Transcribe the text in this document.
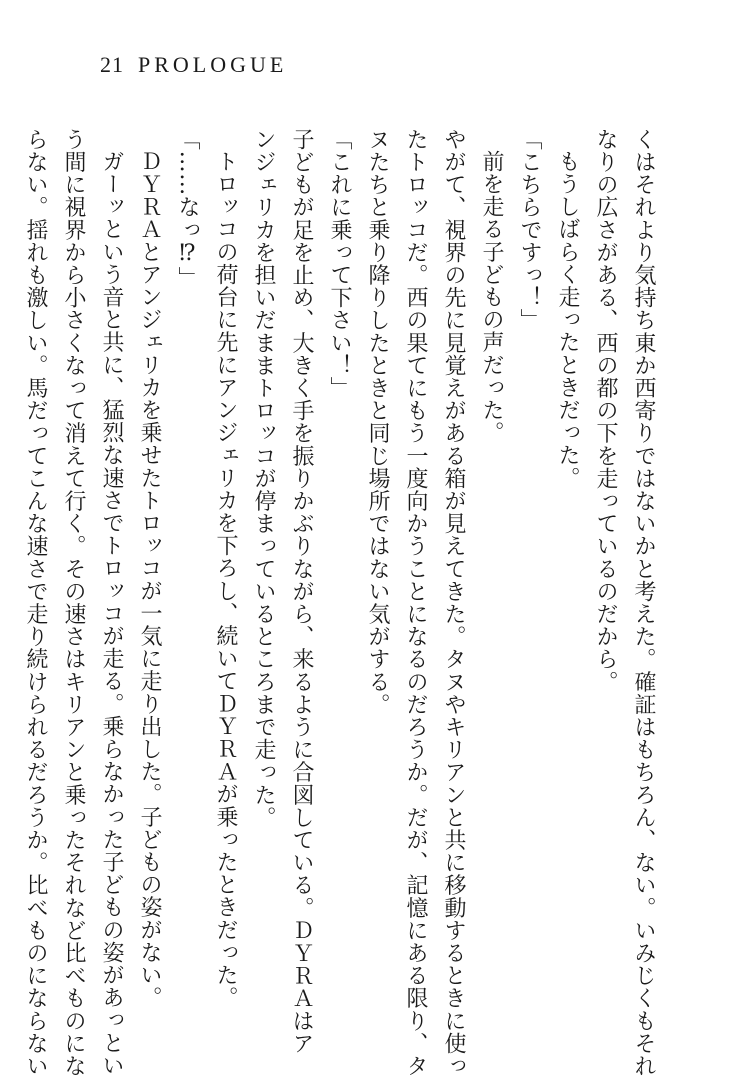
21 PROLOGUE
くはそれより気持ち東か西寄りではないかと考えた。確証はもちろん、ない。いみじくもそれ
なりの広さがある、西の都の下を走っているのだから。
もうしばらく走ったときだった。
「こちらですっ！」
前を走る子どもの声だった。
やがて、視界の先に見覚えがある箱が見えてきた。タヌやキリアンと共に移動するときに使っ
たトロッコだ。西の果てにもう一度向かうことになるのだろうか。だが、記憶にある限り、タ
ヌたちと乗り降りしたときと同じ場所ではない気がする。
「これに乗って下さい！」
子どもが足を止め、大きく手を振りかぶりながら、来るように合図している。ＤＹＲＡはア
ンジェリカを担いだままトロッコが停まっているところまで走った。
トロッコの荷台に先にアンジェリカを下ろし、続いてＤＹＲＡが乗ったときだった。
「……なっ⁉」
ＤＹＲＡとアンジェリカを乗せたトロッコが一気に走り出した。子どもの姿がない。
ガーッという音と共に、猛烈な速さでトロッコが走る。乗らなかった子どもの姿があっとい
う間に視界から小さくなって消えて行く。その速さはキリアンと乗ったそれなど比べものにな
らない。揺れも激しい。馬だってこんな速さで走り続けられるだろうか。比べものにならない
